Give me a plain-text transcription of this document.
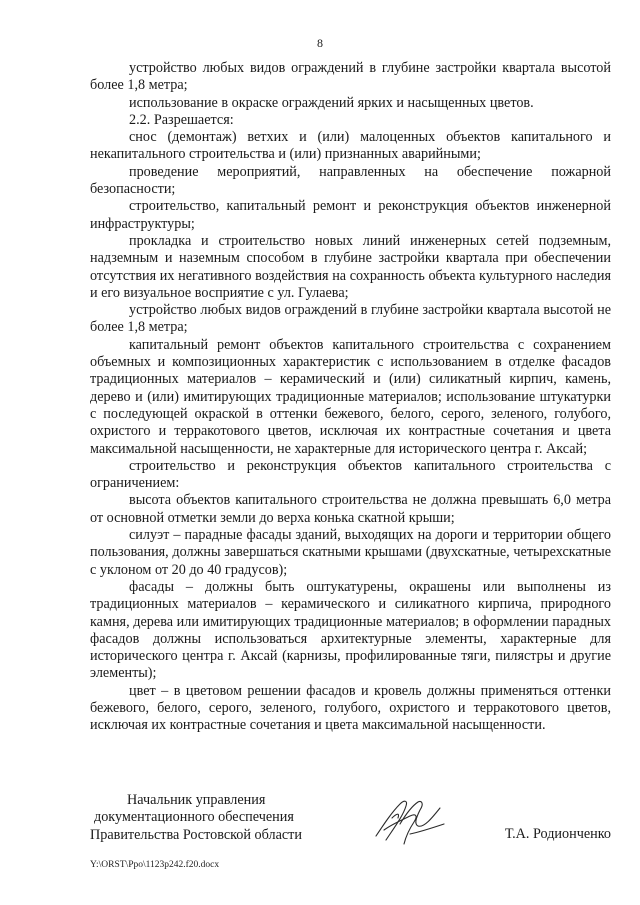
8

устройство любых видов ограждений в глубине застройки квартала высотой более 1,8 метра;

использование в окраске ограждений ярких и насыщенных цветов.

2.2. Разрешается:

снос (демонтаж) ветхих и (или) малоценных объектов капитального и некапитального строительства и (или) признанных аварийными;

проведение мероприятий, направленных на обеспечение пожарной безопасности;

строительство, капитальный ремонт и реконструкция объектов инженерной инфраструктуры;

прокладка и строительство новых линий инженерных сетей подземным, надземным и наземным способом в глубине застройки квартала при обеспечении отсутствия их негативного воздействия на сохранность объекта культурного наследия и его визуальное восприятие с ул. Гулаева;

устройство любых видов ограждений в глубине застройки квартала высотой не более 1,8 метра;

капитальный ремонт объектов капитального строительства с сохранением объемных и композиционных характеристик с использованием в отделке фасадов традиционных материалов – керамический и (или) силикатный кирпич, камень, дерево и (или) имитирующих традиционные материалов; использование штукатурки с последующей окраской в оттенки бежевого, белого, серого, зеленого, голубого, охристого и терракотового цветов, исключая их контрастные сочетания и цвета максимальной насыщенности, не характерные для исторического центра г. Аксай;

строительство и реконструкция объектов капитального строительства с ограничением:

высота объектов капитального строительства не должна превышать 6,0 метра от основной отметки земли до верха конька скатной крыши;

силуэт – парадные фасады зданий, выходящих на дороги и территории общего пользования, должны завершаться скатными крышами (двухскатные, четырехскатные с уклоном от 20 до 40 градусов);

фасады – должны быть оштукатурены, окрашены или выполнены из традиционных материалов – керамического и силикатного кирпича, природного камня, дерева или имитирующих традиционные материалов; в оформлении парадных фасадов должны использоваться архитектурные элементы, характерные для исторического центра г. Аксай (карнизы, профилированные тяги, пилястры и другие элементы);

цвет – в цветовом решении фасадов и кровель должны применяться оттенки бежевого, белого, серого, зеленого, голубого, охристого и терракотового цветов, исключая их контрастные сочетания и цвета максимальной насыщенности.

Начальник управления
документационного обеспечения
Правительства Ростовской области	Т.А. Родионченко
Y:\ORST\Ppo\1123p242.f20.docx
